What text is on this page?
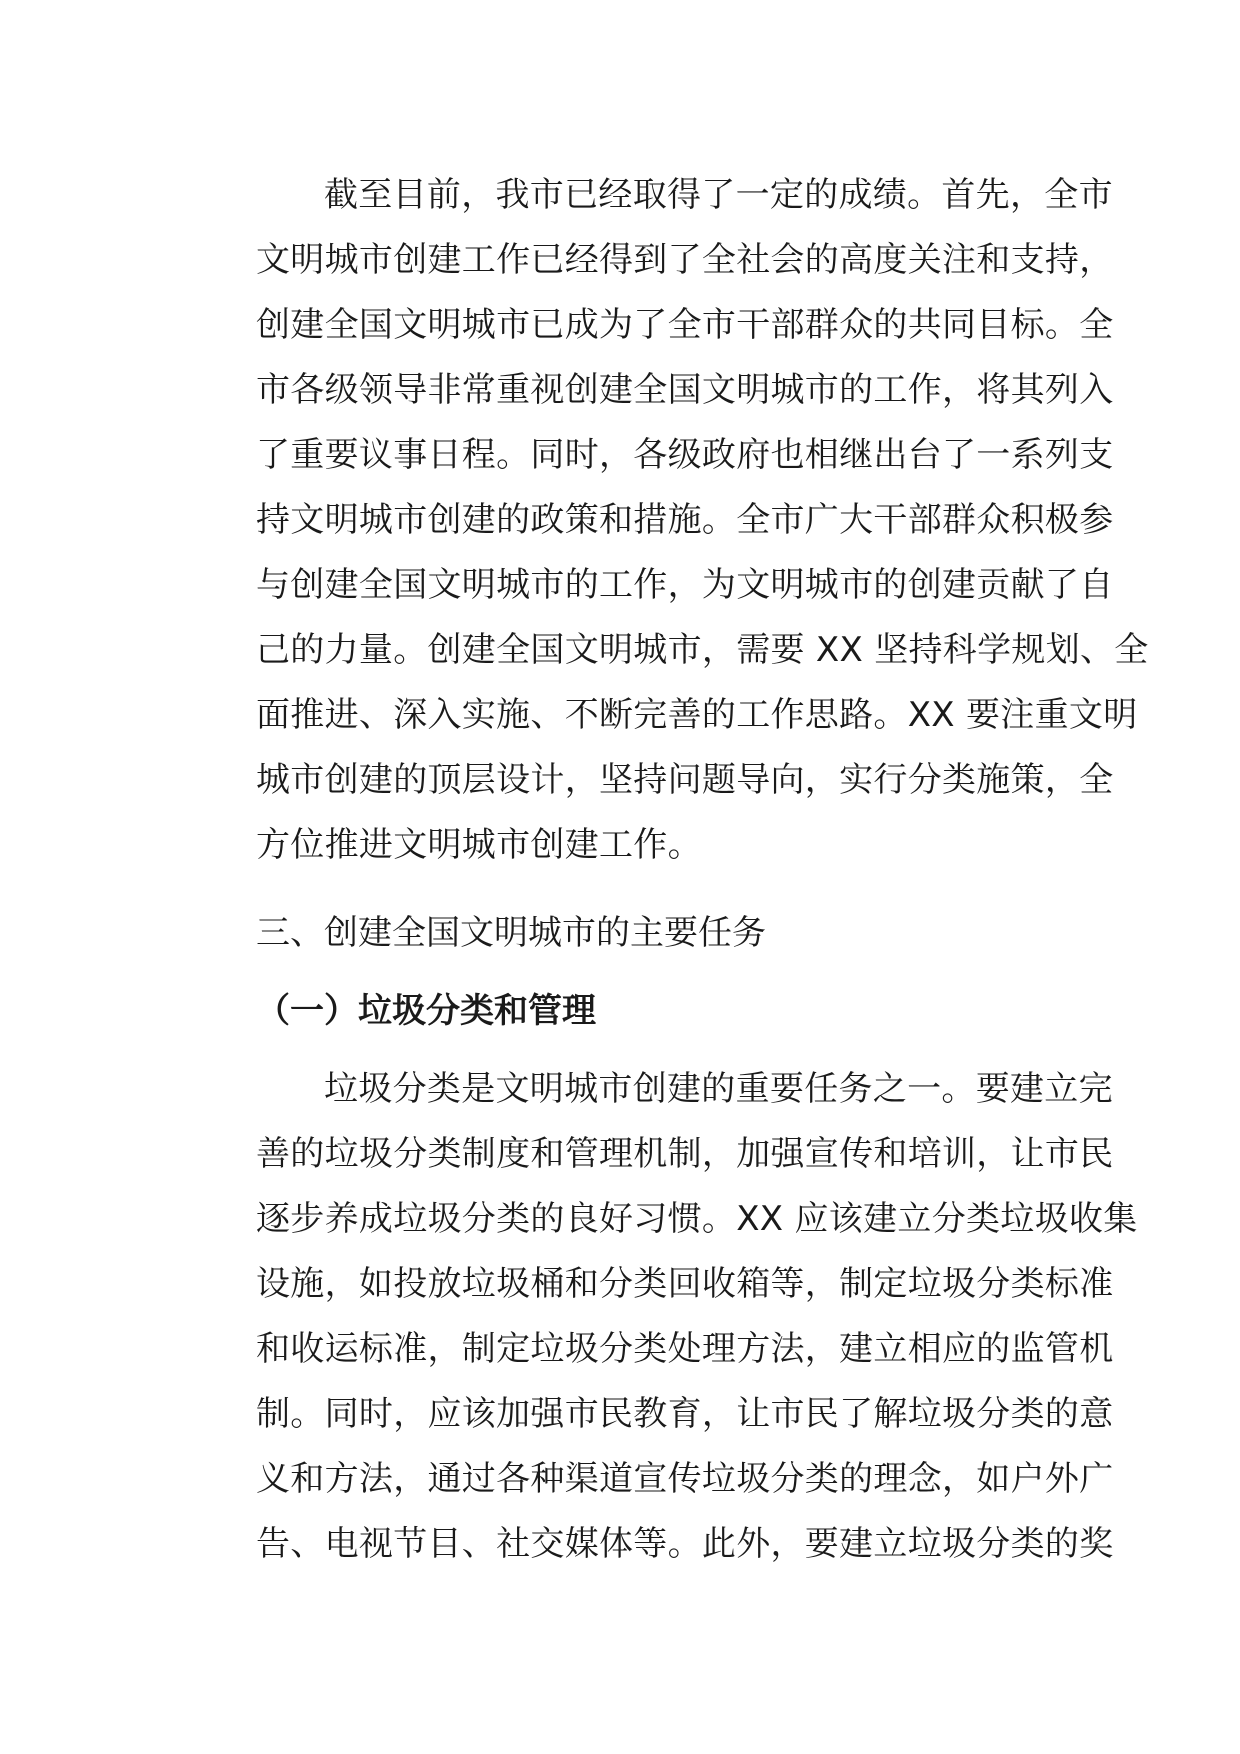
截至目前，我市已经取得了一定的成绩。首先，全市
文明城市创建工作已经得到了全社会的高度关注和支持，
创建全国文明城市已成为了全市干部群众的共同目标。全
市各级领导非常重视创建全国文明城市的工作，将其列入
了重要议事日程。同时，各级政府也相继出台了一系列支
持文明城市创建的政策和措施。全市广大干部群众积极参
与创建全国文明城市的工作，为文明城市的创建贡献了自
己的力量。创建全国文明城市，需要 XX 坚持科学规划、全
面推进、深入实施、不断完善的工作思路。XX 要注重文明
城市创建的顶层设计，坚持问题导向，实行分类施策，全
方位推进文明城市创建工作。
三、创建全国文明城市的主要任务
（一）垃圾分类和管理
垃圾分类是文明城市创建的重要任务之一。要建立完
善的垃圾分类制度和管理机制，加强宣传和培训，让市民
逐步养成垃圾分类的良好习惯。XX 应该建立分类垃圾收集
设施，如投放垃圾桶和分类回收箱等，制定垃圾分类标准
和收运标准，制定垃圾分类处理方法，建立相应的监管机
制。同时，应该加强市民教育，让市民了解垃圾分类的意
义和方法，通过各种渠道宣传垃圾分类的理念，如户外广
告、电视节目、社交媒体等。此外，要建立垃圾分类的奖
